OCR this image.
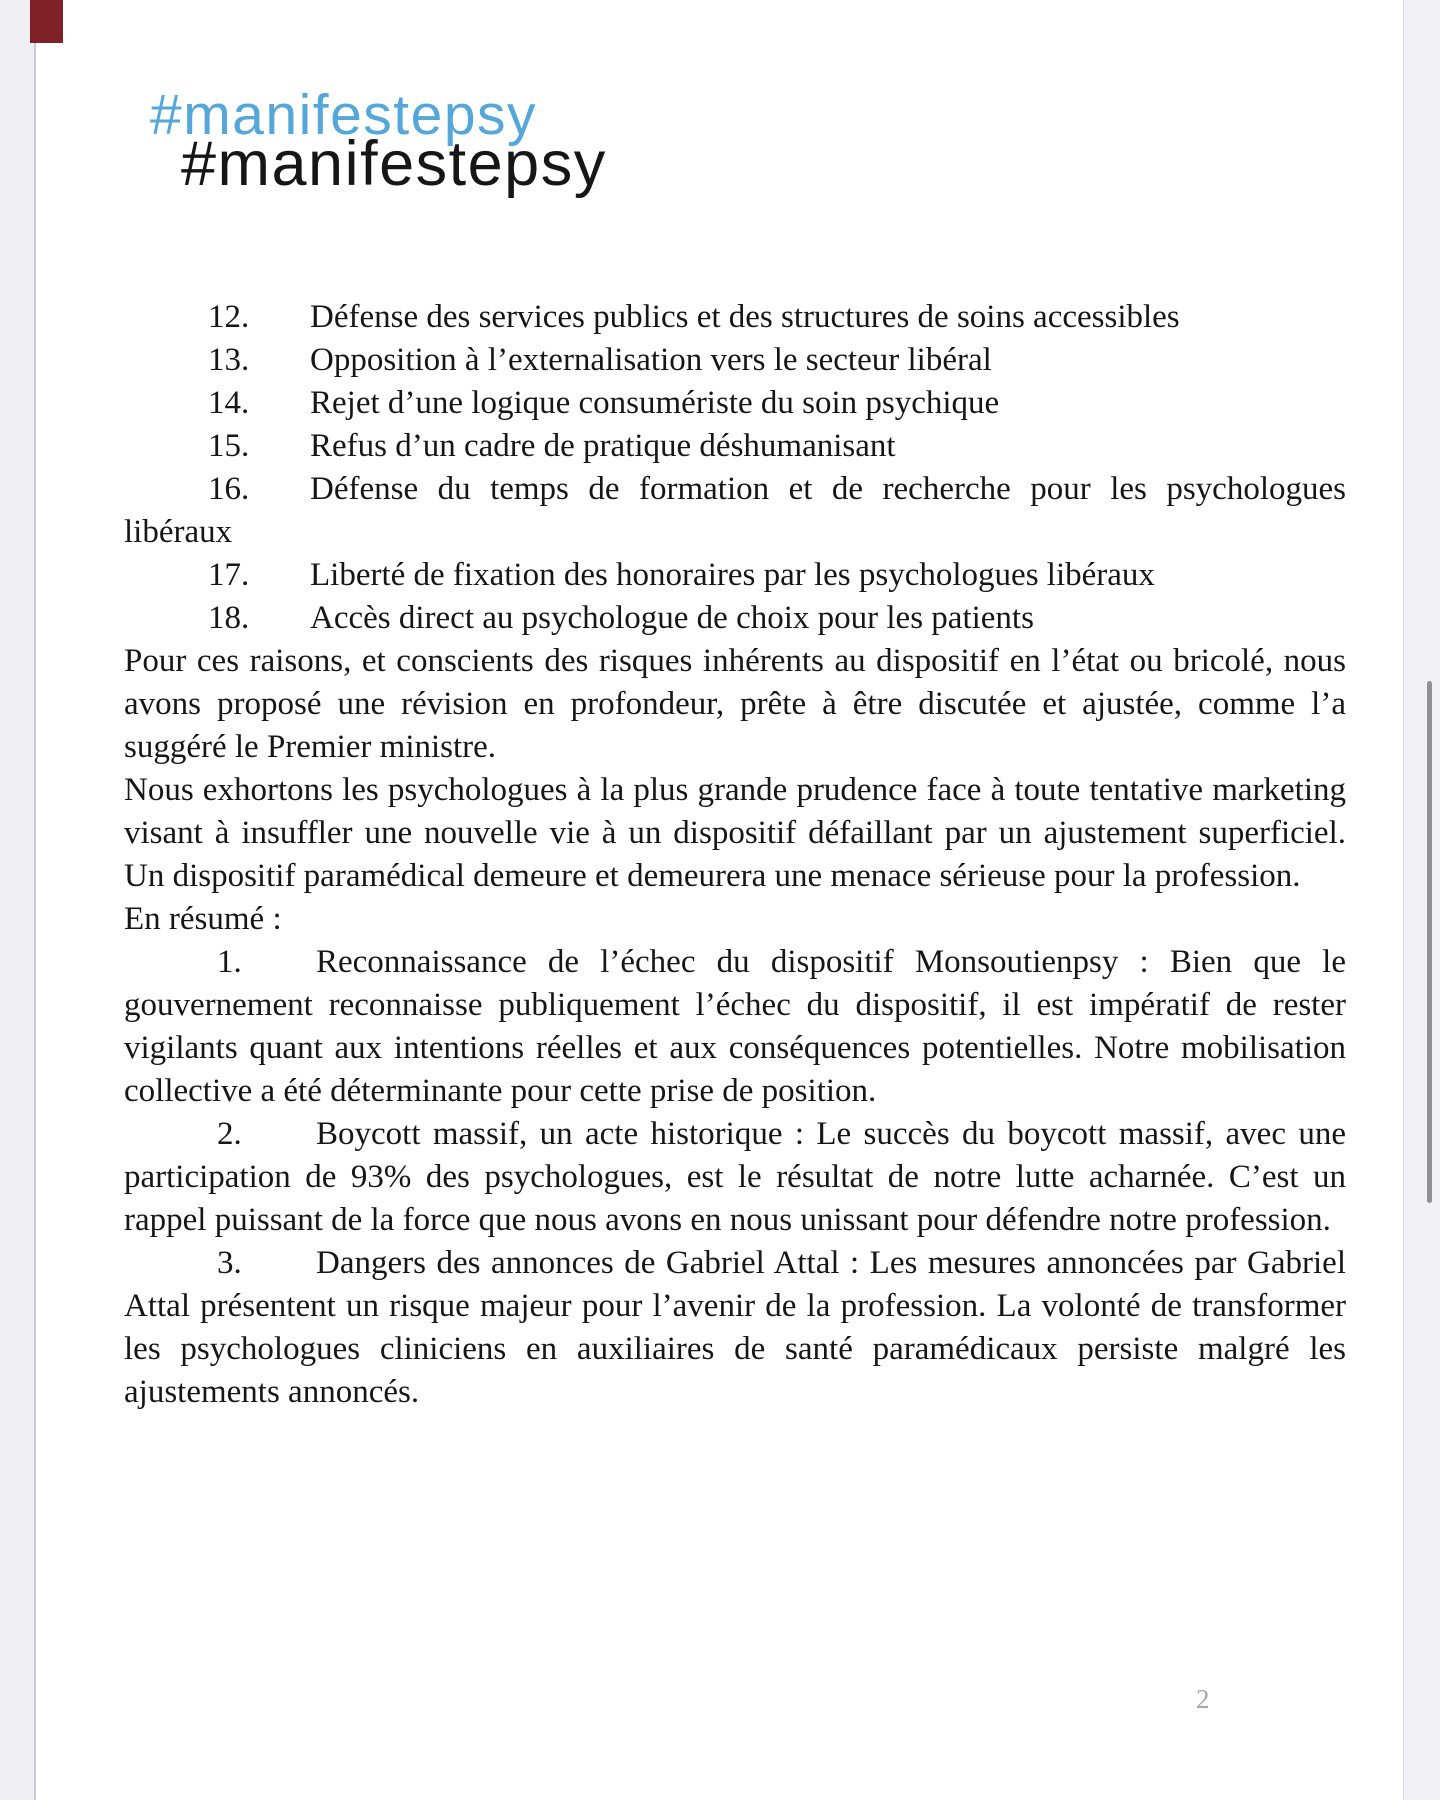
#manifestepsy
#manifestepsy

12. Défense des services publics et des structures de soins accessibles

13. Opposition à l’externalisation vers le secteur libéral

14. Rejet d’une logique consumériste du soin psychique

15. Refus d’un cadre de pratique déshumanisant

16. Défense du temps de formation et de recherche pour les psychologues libéraux

17. Liberté de fixation des honoraires par les psychologues libéraux

18. Accès direct au psychologue de choix pour les patients

Pour ces raisons, et conscients des risques inhérents au dispositif en l’état ou bricolé, nous avons proposé une révision en profondeur, prête à être discutée et ajustée, comme l’a suggéré le Premier ministre.

Nous exhortons les psychologues à la plus grande prudence face à toute tentative marketing visant à insuffler une nouvelle vie à un dispositif défaillant par un ajustement superficiel. Un dispositif paramédical demeure et demeurera une menace sérieuse pour la profession.

En résumé :

1. Reconnaissance de l’échec du dispositif Monsoutienpsy : Bien que le gouvernement reconnaisse publiquement l’échec du dispositif, il est impératif de rester vigilants quant aux intentions réelles et aux conséquences potentielles. Notre mobilisation collective a été déterminante pour cette prise de position.

2. Boycott massif, un acte historique : Le succès du boycott massif, avec une participation de 93% des psychologues, est le résultat de notre lutte acharnée. C’est un rappel puissant de la force que nous avons en nous unissant pour défendre notre profession.

3. Dangers des annonces de Gabriel Attal : Les mesures annoncées par Gabriel Attal présentent un risque majeur pour l’avenir de la profession. La volonté de transformer les psychologues cliniciens en auxiliaires de santé paramédicaux persiste malgré les ajustements annoncés.

2
